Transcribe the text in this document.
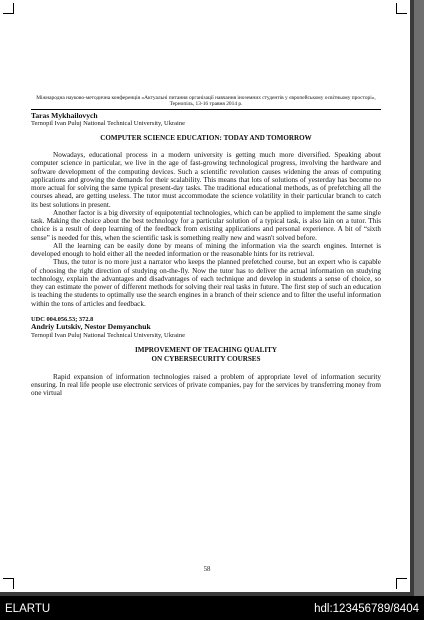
Міжнародна науково-методична конференція «Актуальні питання організації навчання іноземних студентів у європейському освітньому просторі», Тернопіль, 13-16 травня 2014 р.

Taras Mykhailovych

Ternopil Ivan Puluj National Technical University, Ukraine

COMPUTER SCIENCE EDUCATION: TODAY AND TOMORROW

Nowadays, educational process in a modern university is getting much more diversified. Speaking about computer science in particular, we live in the age of fast-growing technological progress, involving the hardware and software development of the computing devices. Such a scientific revolution causes widening the areas of computing applications and growing the demands for their scalability. This means that lots of solutions of yesterday has become no more actual for solving the same typical present-day tasks. The traditional educational methods, as of prefetching all the courses ahead, are getting useless. The tutor must accommodate the science volatility in their particular branch to catch its best solutions in present.

Another factor is a big diversity of equipotential technologies, which can be applied to implement the same single task. Making the choice about the best technology for a particular solution of a typical task, is also lain on a tutor. This choice is a result of deep learning of the feedback from existing applications and personal experience. A bit of “sixth sense” is needed for this, when the scientific task is something really new and wasn't solved before.

All the learning can be easily done by means of mining the information via the search engines. Internet is developed enough to hold either all the needed information or the reasonable hints for its retrieval.

Thus, the tutor is no more just a narrator who keeps the planned prefetched course, but an expert who is capable of choosing the right direction of studying on-the-fly. Now the tutor has to deliver the actual information on studying technology, explain the advantages and disadvantages of each technique and develop in students a sense of choice, so they can estimate the power of different methods for solving their real tasks in future. The first step of such an education is teaching the students to optimally use the search engines in a branch of their science and to filter the useful information within the tons of articles and feedback.

UDC 004.056.53; 372.8

Andriy Lutskiv, Nestor Demyanchuk

Ternopil Ivan Puluj National Technical University, Ukraine

IMPROVEMENT OF TEACHING QUALITY
ON CYBERSECURITY COURSES

Rapid expansion of information technologies raised a problem of appropriate level of information security ensuring. In real life people use electronic services of private companies, pay for the services by transferring money from one virtual

58
ELARTU	hdl:123456789/8404
